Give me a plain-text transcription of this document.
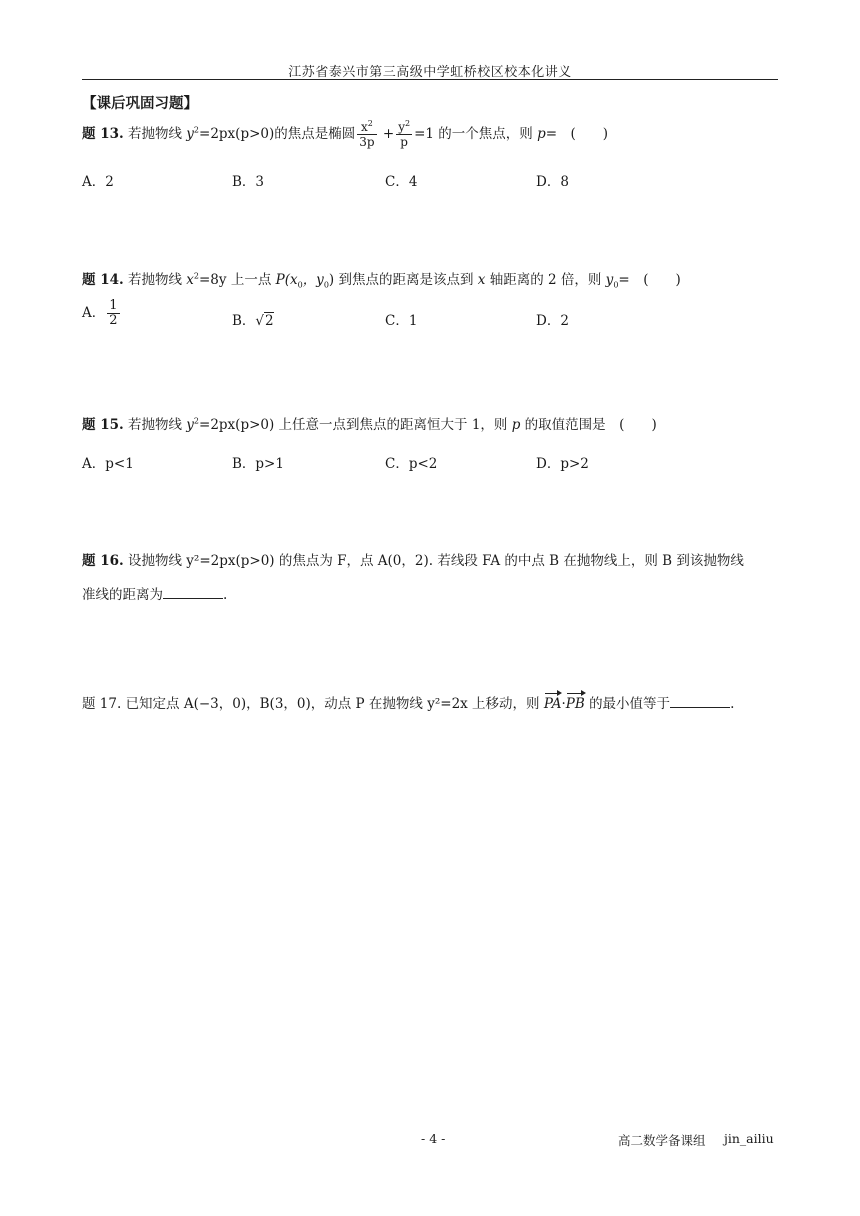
江苏省泰兴市第三高级中学虹桥校区校本化讲义
【课后巩固习题】
题 13. 若抛物线 $y^2=2px(p>0)$的焦点是椭圆 $\frac{x^2}{3p} + \frac{y^2}{p} =1$ 的一个焦点，则 p=　(　　)
A．2	B．3	C．4	D．8
题 14. 若抛物线 $x^2=8y$ 上一点 $P(x_0$，$y_0$) 到焦点的距离是该点到 x 轴距离的 2 倍，则 $y_0=$　(　　)
A． $\frac{1}{2}$	B．√2	C．1	D．2
题 15. 若抛物线 $y^2=2px(p>0)$ 上任意一点到焦点的距离恒大于 1，则 p 的取值范围是　(　　)
A．p<1	B．p>1	C．p<2	D．p>2
题 16. 设抛物线 y²=2px(p>0) 的焦点为 F，点 A(0，2). 若线段 FA 的中点 B 在抛物线上，则 B 到该抛物线
准线的距离为	.
题 17. 已知定点 A(−3，0)，B(3，0)，动点 P 在抛物线 y²=2x 上移动，则 PA·PB 的最小值等于	.
- 4 -	高二数学备课组 jin_ailiu
